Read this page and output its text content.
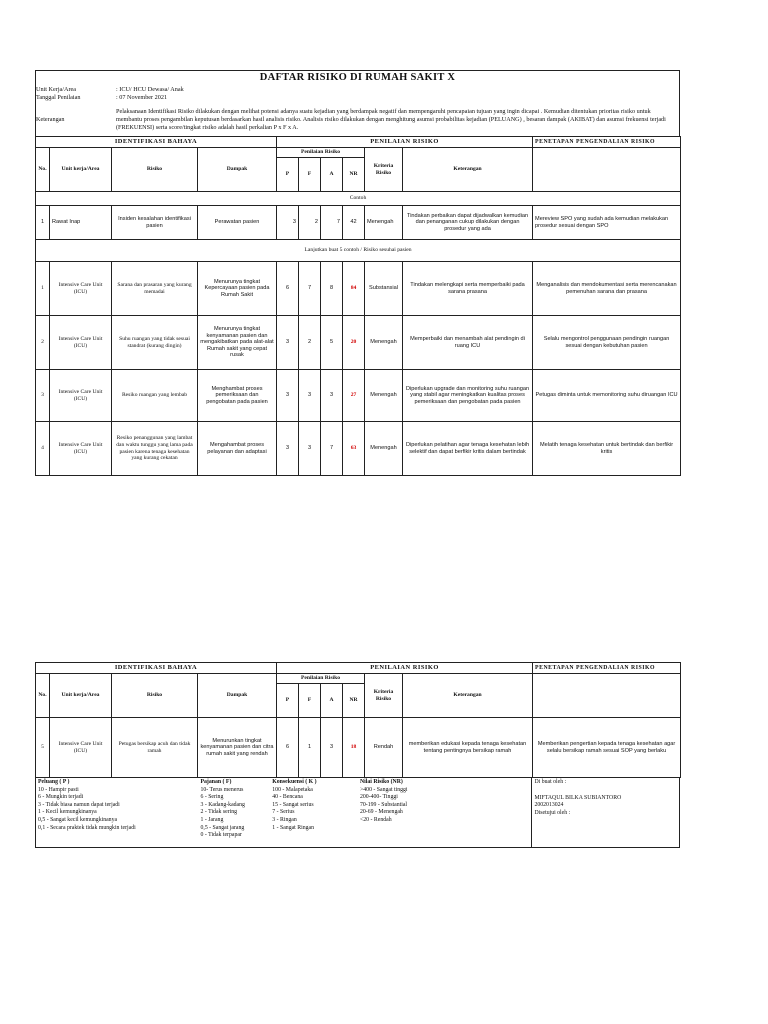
DAFTAR RISIKO DI RUMAH SAKIT X
Unit Kerja/Area	: ICU/ HCU Dewasa/ Anak
Tanggal Penilaian	: 07 November 2021
Keterangan
Pelaksanaan Identifikasi Risiko dilakukan dengan melihat potensi adanya suatu kejadian yang berdampak negatif dan mempengaruhi pencapaian tujuan yang ingin dicapai . Kemudian ditentukan prioritas risiko untuk membantu proses pengambilan keputusan berdasarkan hasil analisis risiko. Analisis risiko dilakukan dengan menghitung asumsi probabilitas kejadian (PELUANG) , besaran dampak (AKIBAT) dan asumsi frekuensi terjadi (FREKUENSI) serta score/tingkat risiko adalah hasil perkalian P x F x A.
IDENTIFIKASI BAHAYA				PENILAIAN RISIKO						PENETAPAN PENGENDALIAN RISIKO
No.	Unit kerja/Area	Risiko	Dampak	Penilaian Risiko				Kriteria Risiko	Keterangan	
				P	F	A	NR			
Contoh										
1	Rawat Inap	Insiden kesalahan identifikasi pasien	Perawatan pasien	3	2	7	42	Menengah	Tindakan perbaikan dapat dijadwalkan kemudian dan penanganan cukup dilakukan dengan prosedur yang ada	Mereview SPO yang sudah ada kemudian melakukan prosedur sesuai dengan SPO
Lanjutkan buat 5 contoh / Risiko sesuhai pasien										
1	Intensive Care Unit (ICU)	Sarana dan prasaran yang kurang memadai	Menurunya tingkat Kepercayaan pasien pada Rumah Sakit	6	7	8	84	Substansial	Tindakan melengkapi serta memperbaiki pada sarana prasana	Menganalisis dan mendokumentasi serta merencanakan pemenuhan sarana dan prasana
2	Intensive Care Unit (ICU)	Suhu ruangan yang tidak sesuai standrat (kurang dingin)	Menurunya tingkat kenyamanan pasien dan mengakibatkan pada alat-alat Rumah sakit yang cepat rusak	3	2	5	20	Menengah	Memperbaiki dan menambah alat pendingin di ruang ICU	Selalu mengontrol penggunaan pendingin ruangan sesuai dengan kebutuhan pasien
3	Intensive Care Unit (ICU)	Resiko ruangan yang lembab	Menghambat proses pemeriksaan dan pengobatan pada pasien	3	3	3	27	Menengah	Diperlukan upgrade dan monitoring suhu ruangan yang stabil agar meningkatkan kualitas proses pemeriksaan dan pengobatan pada pasien	Petugas diminta untuk memonitoring suhu diruangan ICU
4	Intensive Care Unit (ICU)	Resiko penanggunan yang lambat dan waktu tunggu yang lama pada pasien karena tenaga kesehatan yang kurang cekatan	Mengahambat proses pelayanan dan adaptasi	3	3	7	63	Menengah	Diperlukan pelatihan agar tenaga kesehatan lebih selektif dan dapat berfikir kritis dalam bertindak	Melatih tenaga kesehatan untuk bertindak dan berfikir kritis
IDENTIFIKASI BAHAYA				PENILAIAN RISIKO						PENETAPAN PENGENDALIAN RISIKO
No.	Unit kerja/Area	Risiko	Dampak	Penilaian Risiko				Kriteria Risiko	Keterangan	
				P	F	A	NR			
5	Intensive Care Unit (ICU)	Petugas bersikap acuh dan tidak ramah	Menurunkan tingkat kenyamanan pasien dan citra rumah sakit yang rendah	6	1	3	18	Rendah	memberikan edukasi kepada tenaga kesehatan tentang pentingnya bersikap ramah	Memberikan pengertian kepada tenaga kesehatan agar selalu bersikap ramah sesuai SOP yang berlaku
Peluang ( P )
10 - Hampir pasti
6 - Mungkin terjadi
3 - Tidak biasa namun dapat terjadi
1 - Kecil kemungkinanya
0,5 - Sangat kecil kemungkinanya
0,1 - Secara praktek tidak mungkin terjadi
Pajanan ( F)
10- Terus menerus
6 - Sering
3 - Kadang-kadang
2 - Tidak sering
1 - Jarang
0,5 - Sangat jarang
0 - Tidak terpapar
Konsekuensi ( K )
100 - Malapetaka
40 - Bencana
15 - Sangat serius
7 - Serius
3 - Ringan
1 - Sangat Ringan
Nilai Risiko (NR)
>400 - Sangat tinggi
200-400- Tinggi
70-199 - Substantial
20-69 - Menengah
<20 - Rendah
Di buat oleh :
MIFTAQUL BILKA SUBIANTORO
2002013024
Disetujui oleh :
